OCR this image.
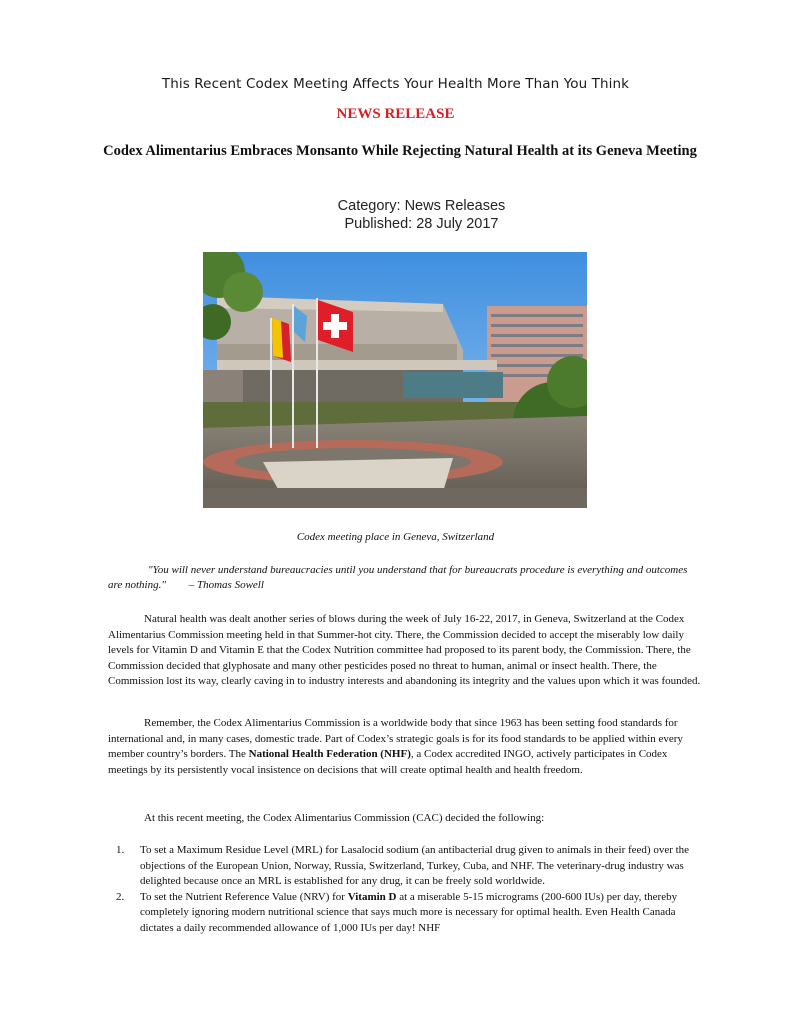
This Recent Codex Meeting Affects Your Health More Than You Think
NEWS RELEASE
Codex Alimentarius Embraces Monsanto While Rejecting Natural Health at its Geneva Meeting
Category: News Releases
Published: 28 July 2017
Codex meeting place in Geneva, Switzerland
"You will never understand bureaucracies until you understand that for bureaucrats procedure is everything and outcomes are nothing." – Thomas Sowell
Natural health was dealt another series of blows during the week of July 16-22, 2017, in Geneva, Switzerland at the Codex Alimentarius Commission meeting held in that Summer-hot city. There, the Commission decided to accept the miserably low daily levels for Vitamin D and Vitamin E that the Codex Nutrition committee had proposed to its parent body, the Commission. There, the Commission decided that glyphosate and many other pesticides posed no threat to human, animal or insect health. There, the Commission lost its way, clearly caving in to industry interests and abandoning its integrity and the values upon which it was founded.
Remember, the Codex Alimentarius Commission is a worldwide body that since 1963 has been setting food standards for international and, in many cases, domestic trade. Part of Codex’s strategic goals is for its food standards to be applied within every member country’s borders. The National Health Federation (NHF), a Codex accredited INGO, actively participates in Codex meetings by its persistently vocal insistence on decisions that will create optimal health and health freedom.
At this recent meeting, the Codex Alimentarius Commission (CAC) decided the following:
1. To set a Maximum Residue Level (MRL) for Lasalocid sodium (an antibacterial drug given to animals in their feed) over the objections of the European Union, Norway, Russia, Switzerland, Turkey, Cuba, and NHF. The veterinary-drug industry was delighted because once an MRL is established for any drug, it can be freely sold worldwide.
2. To set the Nutrient Reference Value (NRV) for Vitamin D at a miserable 5-15 micrograms (200-600 IUs) per day, thereby completely ignoring modern nutritional science that says much more is necessary for optimal health. Even Health Canada dictates a daily recommended allowance of 1,000 IUs per day! NHF
